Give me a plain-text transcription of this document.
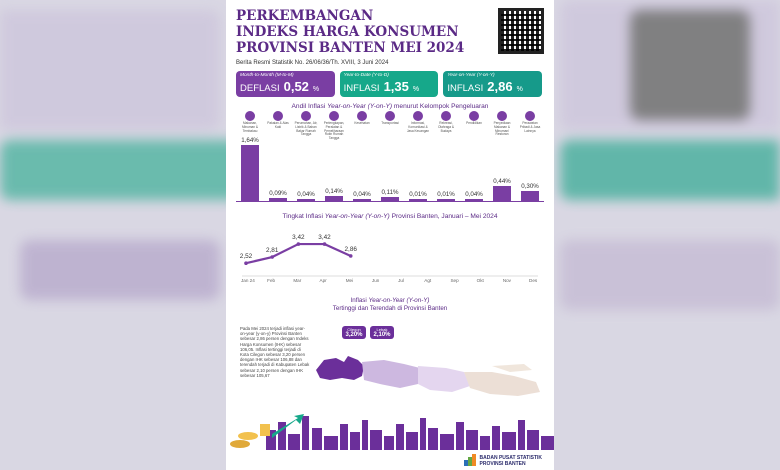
PERKEMBANGAN
INDEKS HARGA KONSUMEN
PROVINSI BANTEN MEI 2024
Berita Resmi Statistik No. 26/06/36/Th. XVIII, 3 Juni 2024
Month-to-Month (M-to-M)
DEFLASI 0,52 %
Year-to-Date (Y-to-D)
INFLASI 1,35 %
Year-on-Year (Y-on-Y)
INFLASI 2,86 %
Andil Inflasi Year-on-Year (Y-on-Y) menurut Kelompok Pengeluaran
Makanan, Minuman & Tembakau
Pakaian & Alas Kaki
Perumahan, Air, Listrik & Bahan Bakar Rumah Tangga
Perlengkapan, Peralatan & Pemeliharaan Rutin Rumah Tangga
Kesehatan	Transportasi	Informasi, Komunikasi & Jasa Keuangan
Rekreasi, Olahraga & Budaya
Pendidikan	Penyediaan Makanan & Minuman/ Restoran
Perawatan Pribadi & Jasa Lainnya
1,64%
0,09%	0,04%	0,14%	0,04%	0,11%	0,01%	0,01%	0,04%
0,44%
0,30%
Tingkat Inflasi Year-on-Year (Y-on-Y) Provinsi Banten, Januari – Mei 2024
2,52
2,81
3,42	3,42
2,86
Jan 24	Feb	Mar	Apr	Mei	Jun	Jul	Agt	Sep	Okt	Nov	Des
Inflasi Year-on-Year (Y-on-Y)
Tertinggi dan Terendah di Provinsi Banten
Pada Mei 2024 terjadi inflasi year-on-year (y-on-y) Provinsi Banten sebesar 2,86 persen dengan Indeks Harga Konsumen (IHK) sebesar 106,05. Inflasi tertinggi terjadi di Kota Cilegon sebesar 3,20 persen dengan IHK sebesar 106,88 dan terendah terjadi di Kabupaten Lebak sebesar 2,10 persen dengan IHK sebesar 105,67
Cilegon
3,20%
Lebak
2,10%
BADAN PUSAT STATISTIK
PROVINSI BANTEN
